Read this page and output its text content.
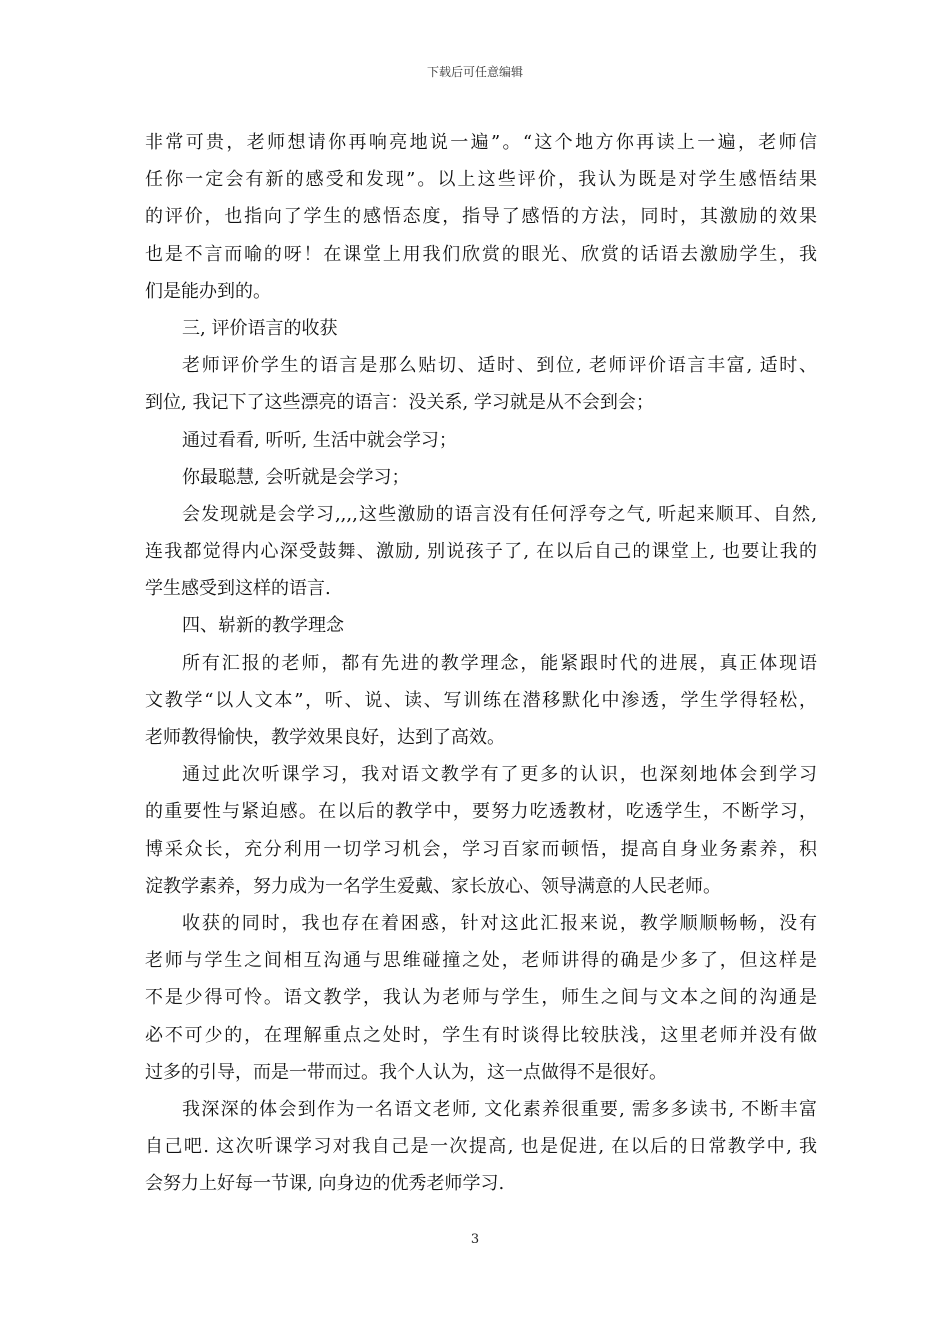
下载后可任意编辑
非常可贵，老师想请你再响亮地说一遍”。“这个地方你再读上一遍，老师信
任你一定会有新的感受和发现”。以上这些评价，我认为既是对学生感悟结果
的评价，也指向了学生的感悟态度，指导了感悟的方法，同时，其激励的效果
也是不言而喻的呀！在课堂上用我们欣赏的眼光、欣赏的话语去激励学生，我
们是能办到的。
三, 评价语言的收获
老师评价学生的语言是那么贴切、适时、到位, 老师评价语言丰富, 适时、
到位, 我记下了这些漂亮的语言：没关系, 学习就是从不会到会；
通过看看, 听听, 生活中就会学习；
你最聪慧, 会听就是会学习；
会发现就是会学习,,,,这些激励的语言没有任何浮夸之气, 听起来顺耳、自然,
连我都觉得内心深受鼓舞、激励, 别说孩子了, 在以后自己的课堂上, 也要让我的
学生感受到这样的语言.
四、崭新的教学理念
所有汇报的老师，都有先进的教学理念，能紧跟时代的进展，真正体现语
文教学“以人文本”，听、说、读、写训练在潜移默化中渗透，学生学得轻松，
老师教得愉快，教学效果良好，达到了高效。
通过此次听课学习，我对语文教学有了更多的认识，也深刻地体会到学习
的重要性与紧迫感。在以后的教学中，要努力吃透教材，吃透学生，不断学习，
博采众长，充分利用一切学习机会，学习百家而顿悟，提高自身业务素养，积
淀教学素养，努力成为一名学生爱戴、家长放心、领导满意的人民老师。
收获的同时，我也存在着困惑，针对这此汇报来说，教学顺顺畅畅，没有
老师与学生之间相互沟通与思维碰撞之处，老师讲得的确是少多了，但这样是
不是少得可怜。语文教学，我认为老师与学生，师生之间与文本之间的沟通是
必不可少的，在理解重点之处时，学生有时谈得比较肤浅，这里老师并没有做
过多的引导，而是一带而过。我个人认为，这一点做得不是很好。
我深深的体会到作为一名语文老师, 文化素养很重要, 需多多读书, 不断丰富
自己吧. 这次听课学习对我自己是一次提高, 也是促进, 在以后的日常教学中, 我
会努力上好每一节课, 向身边的优秀老师学习.
3
